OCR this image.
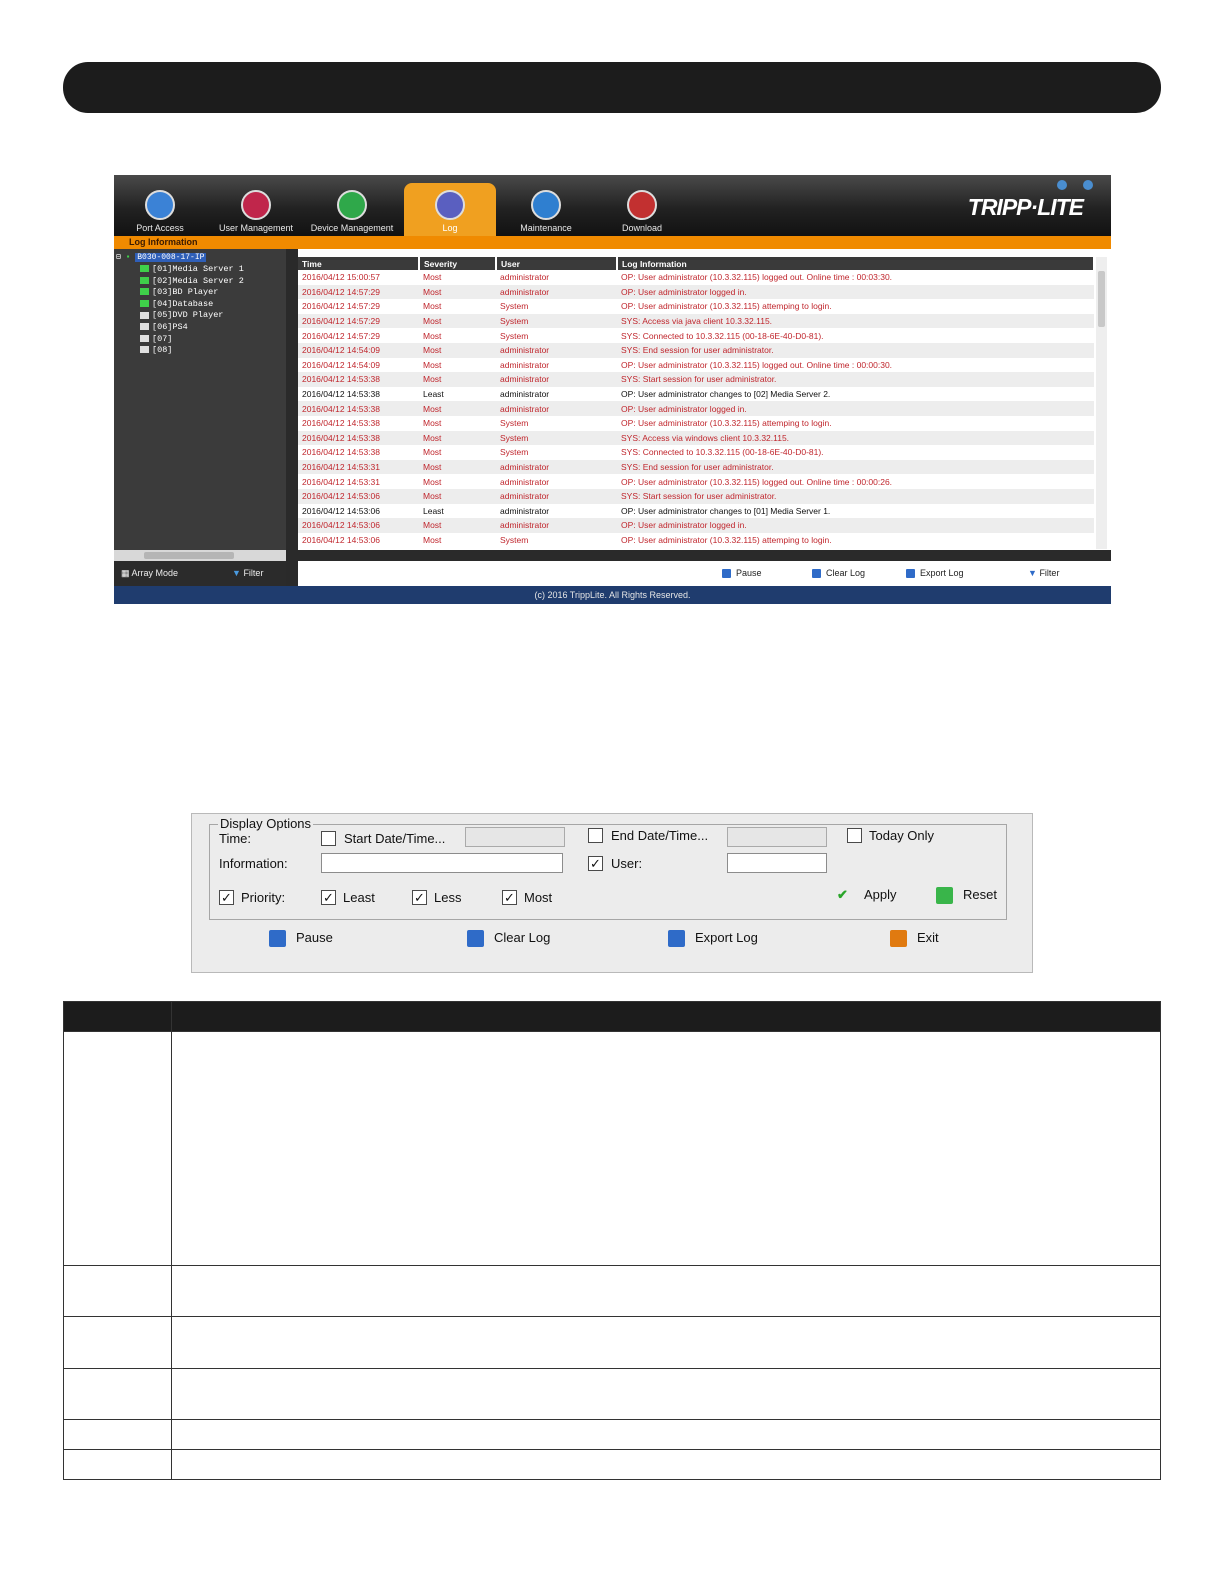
Port Access	User Management	Device Management	Log	Maintenance	Download
TRIPP·LITE
Log Information
⊟ ▪ B030-008-17-IP
[01]Media Server 1
[02]Media Server 2
[03]BD Player
[04]Database
[05]DVD Player
[06]PS4
[07]
[08]
▦ Array Mode	▼ Filter
Time	Severity	User	Log Information
2016/04/12 15:00:57	Most	administrator	OP: User administrator (10.3.32.115) logged out. Online time : 00:03:30.
2016/04/12 14:57:29	Most	administrator	OP: User administrator logged in.
2016/04/12 14:57:29	Most	System	OP: User administrator (10.3.32.115) attemping to login.
2016/04/12 14:57:29	Most	System	SYS: Access via java client 10.3.32.115.
2016/04/12 14:57:29	Most	System	SYS: Connected to 10.3.32.115 (00-18-6E-40-D0-81).
2016/04/12 14:54:09	Most	administrator	SYS: End session for user administrator.
2016/04/12 14:54:09	Most	administrator	OP: User administrator (10.3.32.115) logged out. Online time : 00:00:30.
2016/04/12 14:53:38	Most	administrator	SYS: Start session for user administrator.
2016/04/12 14:53:38	Least	administrator	OP: User administrator changes to [02] Media Server 2.
2016/04/12 14:53:38	Most	administrator	OP: User administrator logged in.
2016/04/12 14:53:38	Most	System	OP: User administrator (10.3.32.115) attemping to login.
2016/04/12 14:53:38	Most	System	SYS: Access via windows client 10.3.32.115.
2016/04/12 14:53:38	Most	System	SYS: Connected to 10.3.32.115 (00-18-6E-40-D0-81).
2016/04/12 14:53:31	Most	administrator	SYS: End session for user administrator.
2016/04/12 14:53:31	Most	administrator	OP: User administrator (10.3.32.115) logged out. Online time : 00:00:26.
2016/04/12 14:53:06	Most	administrator	SYS: Start session for user administrator.
2016/04/12 14:53:06	Least	administrator	OP: User administrator changes to [01] Media Server 1.
2016/04/12 14:53:06	Most	administrator	OP: User administrator logged in.
2016/04/12 14:53:06	Most	System	OP: User administrator (10.3.32.115) attemping to login.
Pause	Clear Log	Export Log	▼ Filter
(c) 2016 TrippLite. All Rights Reserved.
Display Options
Time:	Start Date/Time...	End Date/Time...	Today Only
Information:	✓ User:
✓ Priority:	✓ Least	✓ Less	✓ Most	✔ Apply	Reset
Pause	Clear Log	Export Log	Exit
